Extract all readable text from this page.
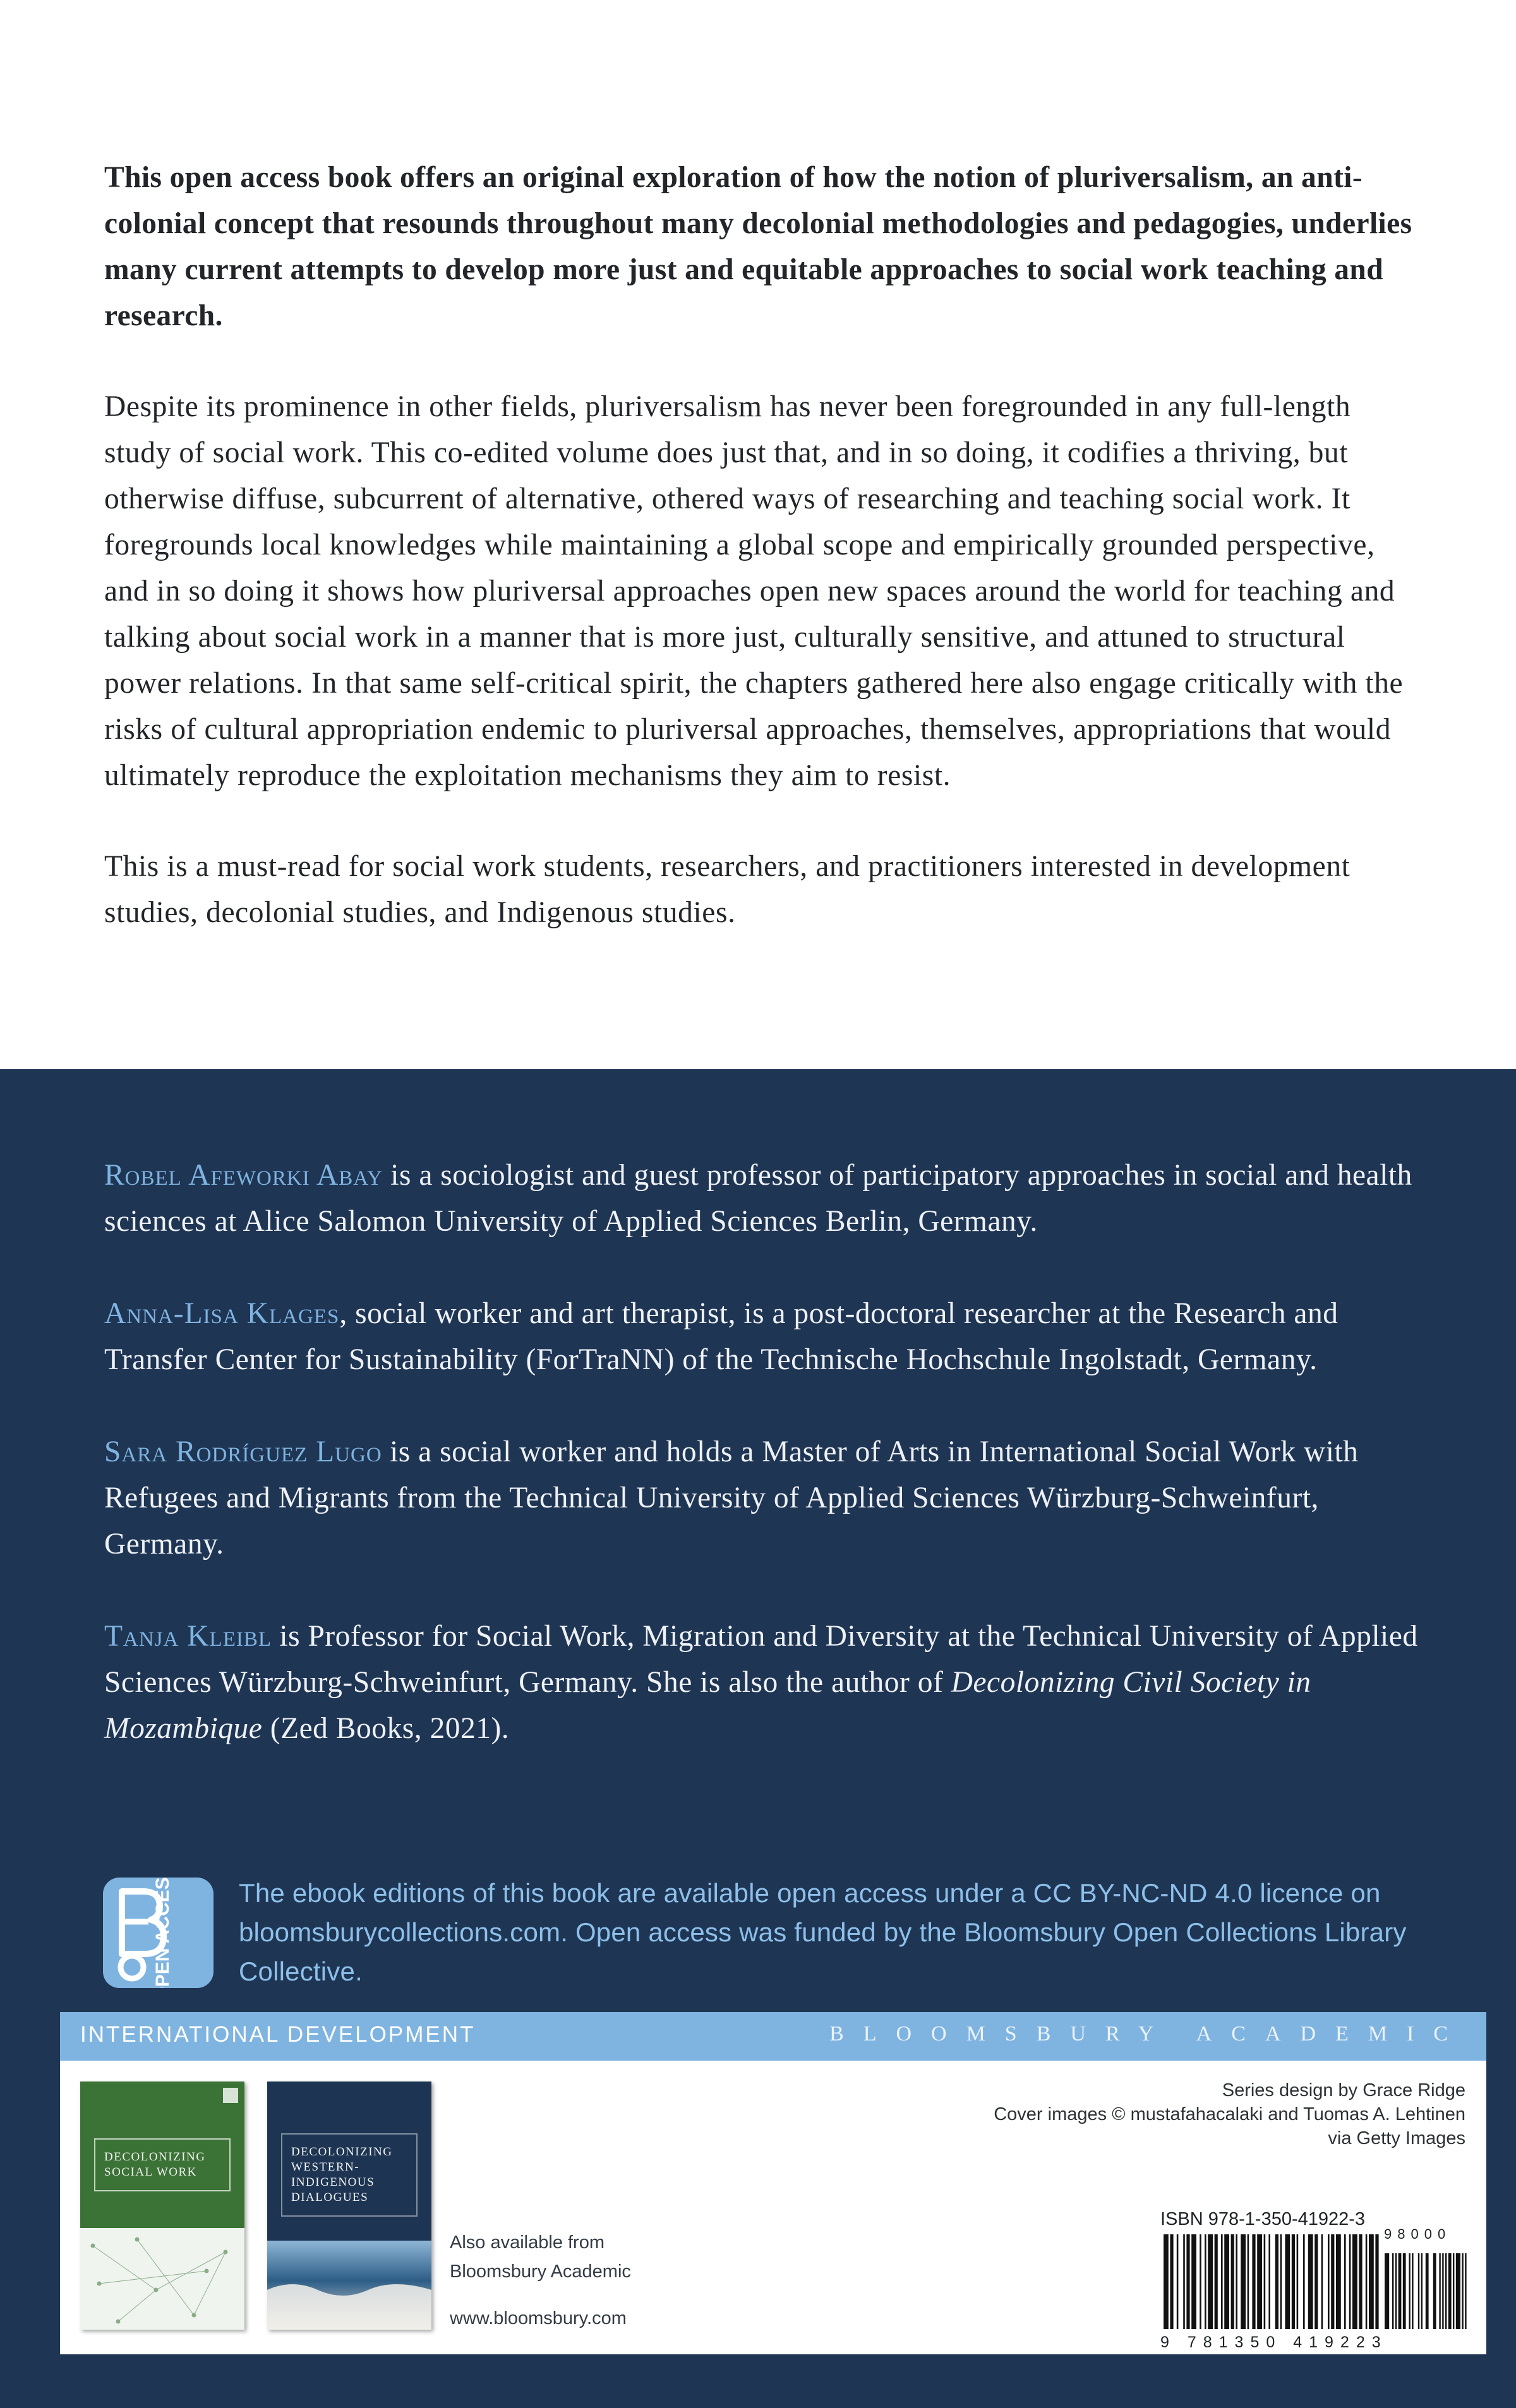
This open access book offers an original exploration of how the notion of pluriversalism, an anti-colonial concept that resounds throughout many decolonial methodologies and pedagogies, underlies many current attempts to develop more just and equitable approaches to social work teaching and research.

Despite its prominence in other fields, pluriversalism has never been foregrounded in any full-length study of social work. This co-edited volume does just that, and in so doing, it codifies a thriving, but otherwise diffuse, subcurrent of alternative, othered ways of researching and teaching social work. It foregrounds local knowledges while maintaining a global scope and empirically grounded perspective, and in so doing it shows how pluriversal approaches open new spaces around the world for teaching and talking about social work in a manner that is more just, culturally sensitive, and attuned to structural power relations. In that same self-critical spirit, the chapters gathered here also engage critically with the risks of cultural appropriation endemic to pluriversal approaches, themselves, appropriations that would ultimately reproduce the exploitation mechanisms they aim to resist.

This is a must-read for social work students, researchers, and practitioners interested in development studies, decolonial studies, and Indigenous studies.

Robel Afeworki Abay is a sociologist and guest professor of participatory approaches in social and health sciences at Alice Salomon University of Applied Sciences Berlin, Germany.

Anna-Lisa Klages, social worker and art therapist, is a post-doctoral researcher at the Research and Transfer Center for Sustainability (ForTraNN) of the Technische Hochschule Ingolstadt, Germany.

Sara Rodríguez Lugo is a social worker and holds a Master of Arts in International Social Work with Refugees and Migrants from the Technical University of Applied Sciences Würzburg-Schweinfurt, Germany.

Tanja Kleibl is Professor for Social Work, Migration and Diversity at the Technical University of Applied Sciences Würzburg-Schweinfurt, Germany. She is also the author of Decolonizing Civil Society in Mozambique (Zed Books, 2021).

OPEN ACCESS The ebook editions of this book are available open access under a CC BY-NC-ND 4.0 licence on bloomsburycollections.com. Open access was funded by the Bloomsbury Open Collections Library Collective.
INTERNATIONAL DEVELOPMENT	BLOOMSBURY ACADEMIC
DECOLONIZING SOCIAL WORK
DECOLONIZING WESTERN-INDIGENOUS DIALOGUES
Also available from
Bloomsbury Academic
www.bloomsbury.com
Series design by Grace Ridge
Cover images © mustafahacalaki and Tuomas A. Lehtinen
via Getty Images
ISBN 978-1-350-41922-3
98000
9 781350 419223
